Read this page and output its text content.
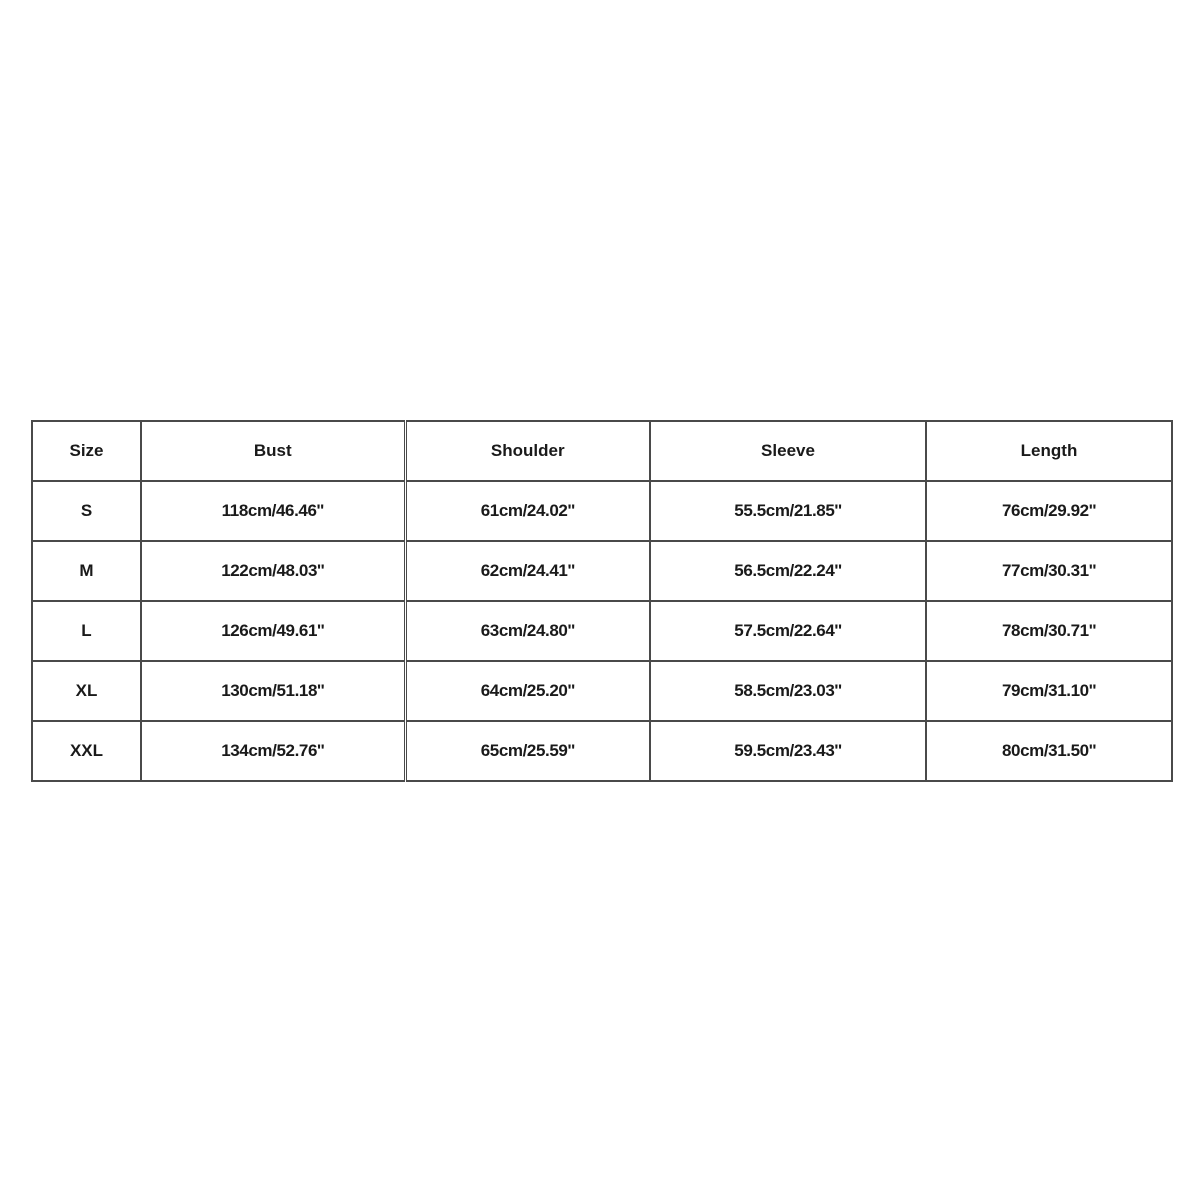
Size	Bust	Shoulder	Sleeve	Length
S	118cm/46.46''	61cm/24.02''	55.5cm/21.85''	76cm/29.92''
M	122cm/48.03''	62cm/24.41''	56.5cm/22.24''	77cm/30.31''
L	126cm/49.61''	63cm/24.80''	57.5cm/22.64''	78cm/30.71''
XL	130cm/51.18''	64cm/25.20''	58.5cm/23.03''	79cm/31.10''
XXL	134cm/52.76''	65cm/25.59''	59.5cm/23.43''	80cm/31.50''
